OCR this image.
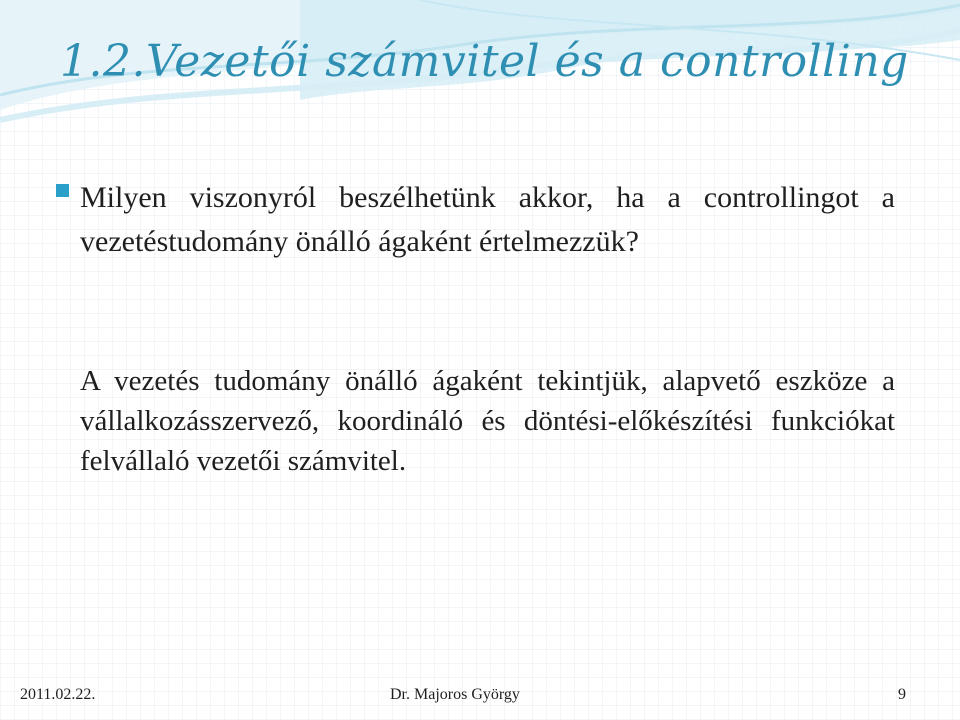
1.2.Vezetői számvitel és a controlling
Milyen viszonyról beszélhetünk akkor, ha a controllingot a vezetéstudomány önálló ágaként értelmezzük?
A vezetés tudomány önálló ágaként tekintjük, alapvető eszköze a vállalkozásszervező, koordináló és döntési-előkészítési funkciókat felvállaló vezetői számvitel.
2011.02.22.	Dr. Majoros György	9
